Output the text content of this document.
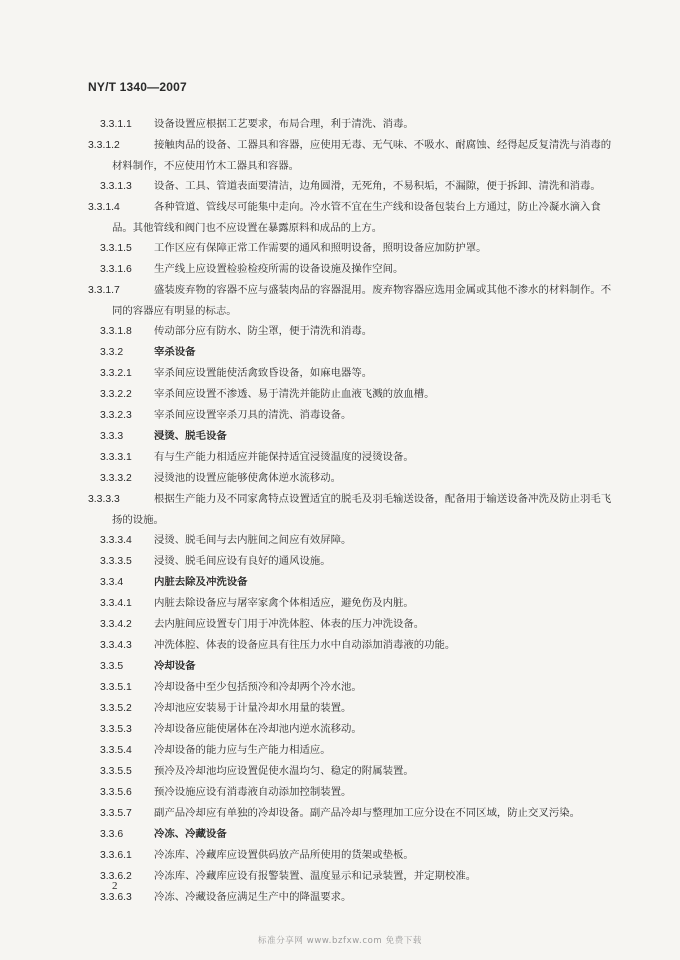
NY/T 1340—2007

3.3.1.1 设备设置应根据工艺要求，布局合理，利于清洗、消毒。

3.3.1.2	接触肉品的设备、工器具和容器，应使用无毒、无气味、不吸水、耐腐蚀、经得起反复清洗与消毒的材料制作，不应使用竹木工器具和容器。

3.3.1.3 设备、工具、管道表面要清洁，边角圆滑，无死角，不易积垢，不漏隙，便于拆卸、清洗和消毒。

3.3.1.4	各种管道、管线尽可能集中走向。冷水管不宜在生产线和设备包装台上方通过，防止冷凝水滴入食品。其他管线和阀门也不应设置在暴露原料和成品的上方。

3.3.1.5 工作区应有保障正常工作需要的通风和照明设备，照明设备应加防护罩。

3.3.1.6 生产线上应设置检验检疫所需的设备设施及操作空间。

3.3.1.7	盛装废弃物的容器不应与盛装肉品的容器混用。废弃物容器应选用金属或其他不渗水的材料制作。不同的容器应有明显的标志。

3.3.1.8 传动部分应有防水、防尘罩，便于清洗和消毒。

3.3.2	宰杀设备

3.3.2.1 宰杀间应设置能使活禽致昏设备，如麻电器等。

3.3.2.2 宰杀间应设置不渗透、易于清洗并能防止血液飞溅的放血槽。

3.3.2.3 宰杀间应设置宰杀刀具的清洗、消毒设备。

3.3.3	浸烫、脱毛设备

3.3.3.1 有与生产能力相适应并能保持适宜浸烫温度的浸烫设备。

3.3.3.2 浸烫池的设置应能够使禽体逆水流移动。

3.3.3.3	根据生产能力及不同家禽特点设置适宜的脱毛及羽毛输送设备，配备用于输送设备冲洗及防止羽毛飞扬的设施。

3.3.3.4 浸烫、脱毛间与去内脏间之间应有效屏障。

3.3.3.5 浸烫、脱毛间应设有良好的通风设施。

3.3.4	内脏去除及冲洗设备

3.3.4.1 内脏去除设备应与屠宰家禽个体相适应，避免伤及内脏。

3.3.4.2 去内脏间应设置专门用于冲洗体腔、体表的压力冲洗设备。

3.3.4.3 冲洗体腔、体表的设备应具有往压力水中自动添加消毒液的功能。

3.3.5	冷却设备

3.3.5.1 冷却设备中至少包括预冷和冷却两个冷水池。

3.3.5.2 冷却池应安装易于计量冷却水用量的装置。

3.3.5.3 冷却设备应能使屠体在冷却池内逆水流移动。

3.3.5.4 冷却设备的能力应与生产能力相适应。

3.3.5.5 预冷及冷却池均应设置促使水温均匀、稳定的附属装置。

3.3.5.6 预冷设施应设有消毒液自动添加控制装置。

3.3.5.7 副产品冷却应有单独的冷却设备。副产品冷却与整理加工应分设在不同区域，防止交叉污染。

3.3.6	冷冻、冷藏设备

3.3.6.1 冷冻库、冷藏库应设置供码放产品所使用的货架或垫板。

3.3.6.2 冷冻库、冷藏库应设有报警装置、温度显示和记录装置，并定期校准。

3.3.6.3 冷冻、冷藏设备应满足生产中的降温要求。

2
标准分享网 www.bzfxw.com 免费下载
